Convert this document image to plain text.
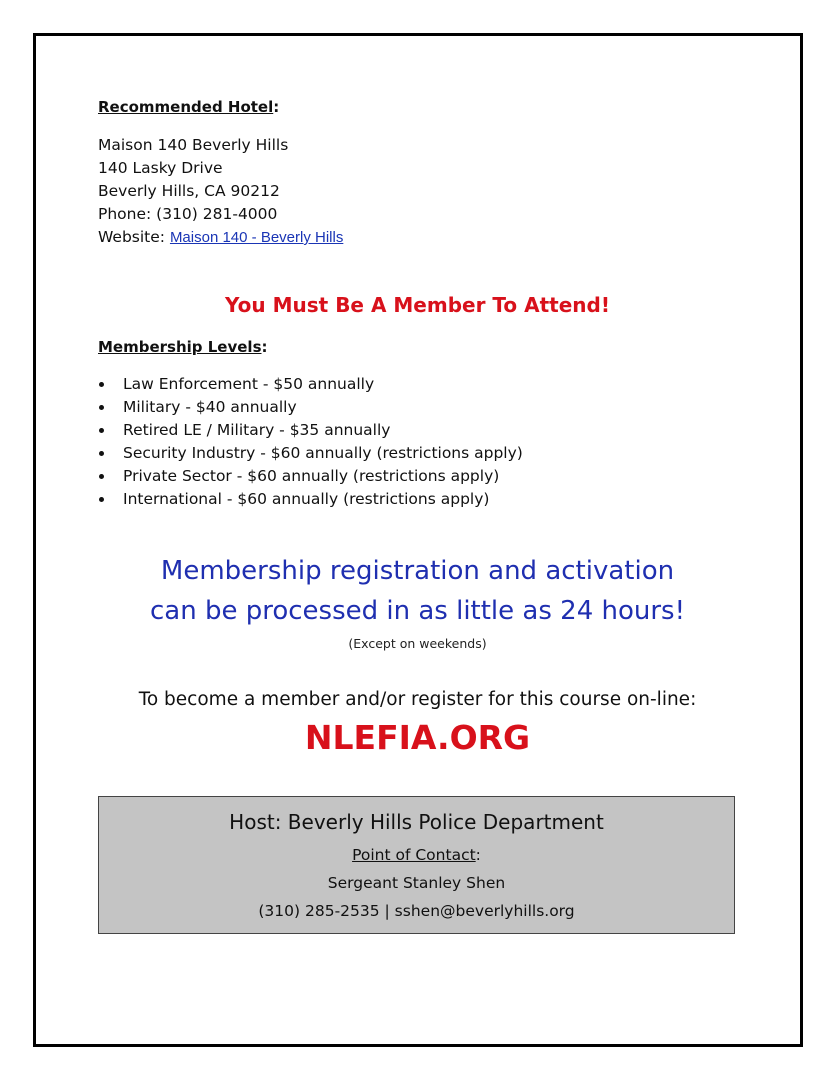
Recommended Hotel:
Maison 140 Beverly Hills
140 Lasky Drive
Beverly Hills, CA 90212
Phone: (310) 281-4000
Website: Maison 140 - Beverly Hills
You Must Be A Member To Attend!
Membership Levels:
Law Enforcement - $50 annually
Military - $40 annually
Retired LE / Military - $35 annually
Security Industry - $60 annually (restrictions apply)
Private Sector - $60 annually (restrictions apply)
International - $60 annually (restrictions apply)
Membership registration and activation
can be processed in as little as 24 hours!
(Except on weekends)
To become a member and/or register for this course on-line:
NLEFIA.ORG
Host: Beverly Hills Police Department
Point of Contact:
Sergeant Stanley Shen
(310) 285-2535 | sshen@beverlyhills.org
